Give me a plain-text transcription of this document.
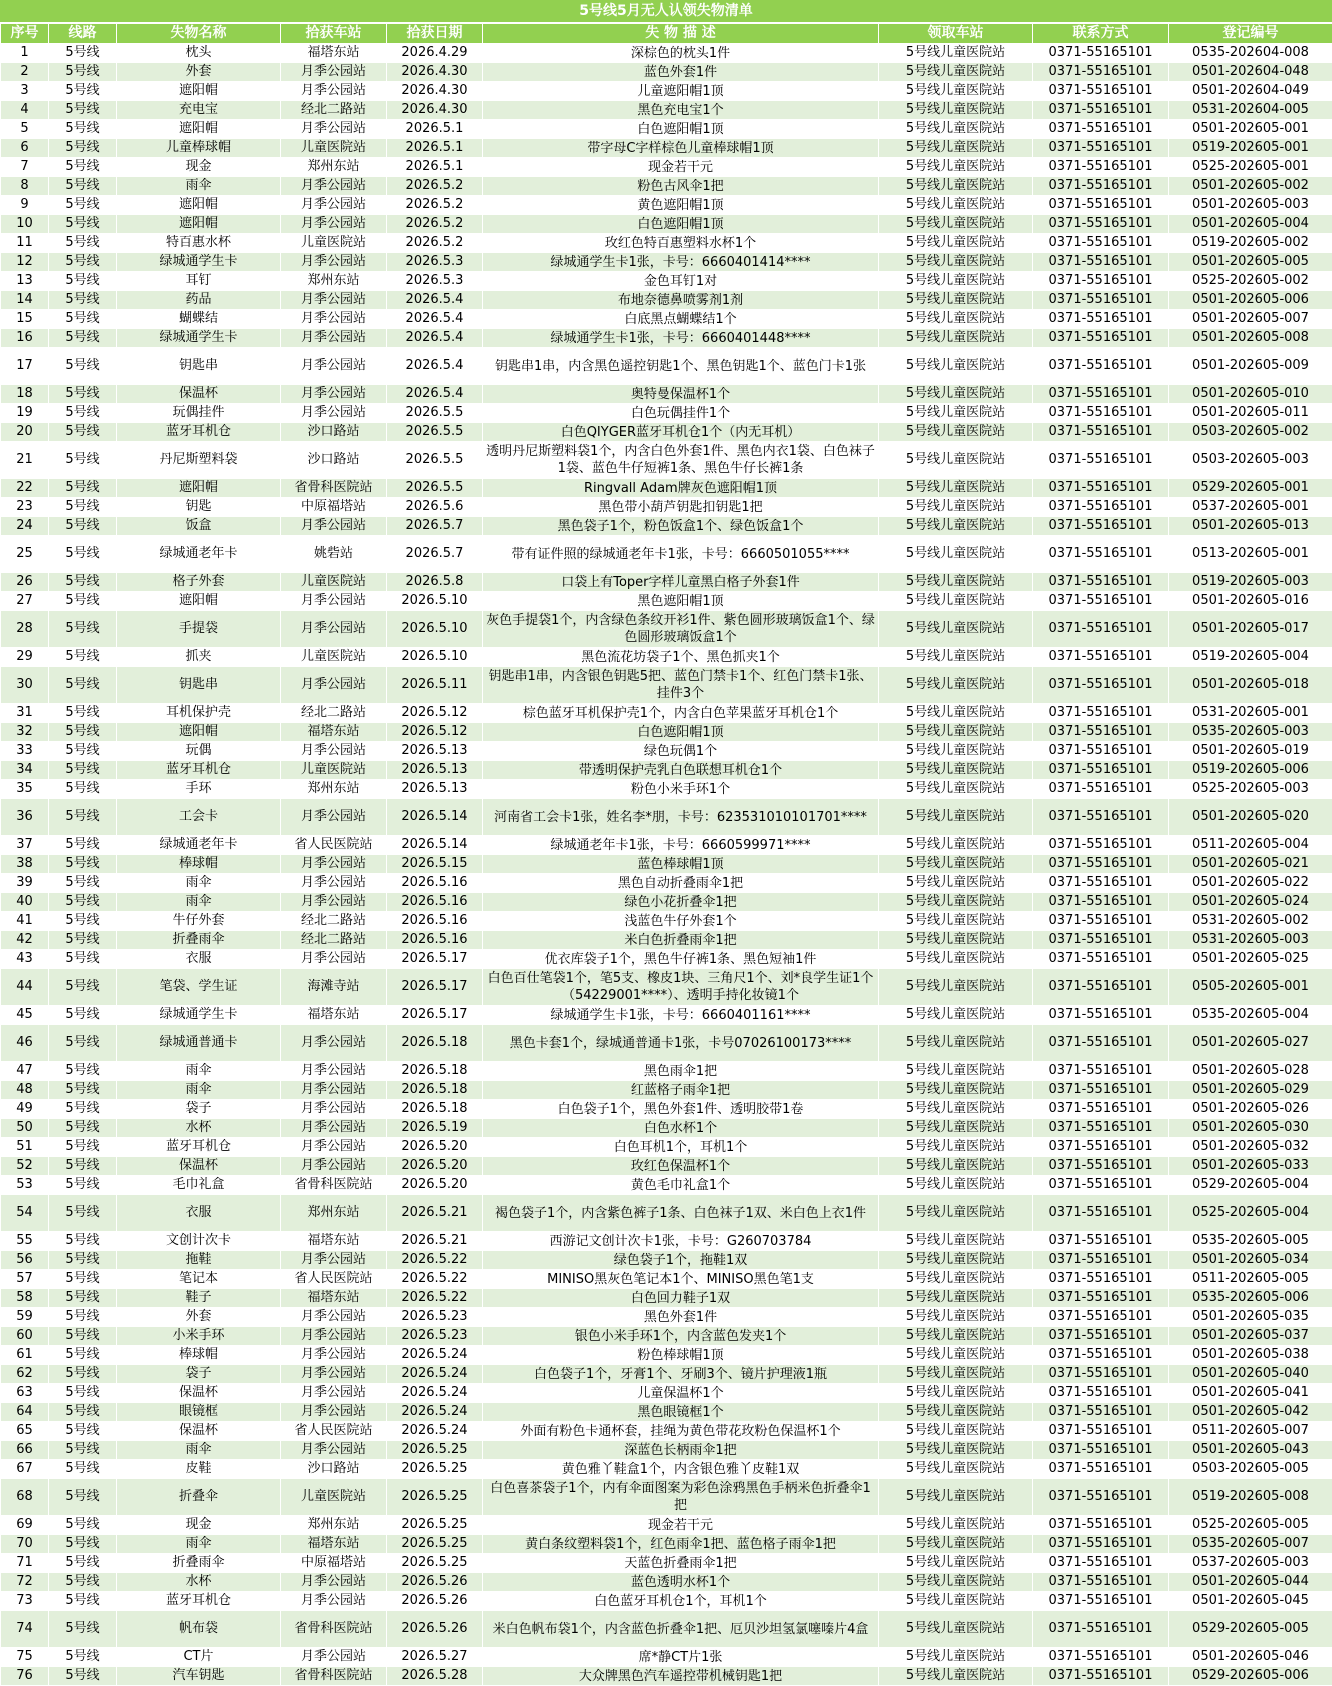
5号线5月无人认领失物清单
序号	线路	失物名称	拾获车站	拾获日期	失 物 描 述	领取车站	联系方式	登记编号
1	5号线	枕头	福塔东站	2026.4.29	深棕色的枕头1件	5号线儿童医院站	0371-55165101	0535-202604-008
2	5号线	外套	月季公园站	2026.4.30	蓝色外套1件	5号线儿童医院站	0371-55165101	0501-202604-048
3	5号线	遮阳帽	月季公园站	2026.4.30	儿童遮阳帽1顶	5号线儿童医院站	0371-55165101	0501-202604-049
4	5号线	充电宝	经北二路站	2026.4.30	黑色充电宝1个	5号线儿童医院站	0371-55165101	0531-202604-005
5	5号线	遮阳帽	月季公园站	2026.5.1	白色遮阳帽1顶	5号线儿童医院站	0371-55165101	0501-202605-001
6	5号线	儿童棒球帽	儿童医院站	2026.5.1	带字母C字样棕色儿童棒球帽1顶	5号线儿童医院站	0371-55165101	0519-202605-001
7	5号线	现金	郑州东站	2026.5.1	现金若干元	5号线儿童医院站	0371-55165101	0525-202605-001
8	5号线	雨伞	月季公园站	2026.5.2	粉色古风伞1把	5号线儿童医院站	0371-55165101	0501-202605-002
9	5号线	遮阳帽	月季公园站	2026.5.2	黄色遮阳帽1顶	5号线儿童医院站	0371-55165101	0501-202605-003
10	5号线	遮阳帽	月季公园站	2026.5.2	白色遮阳帽1顶	5号线儿童医院站	0371-55165101	0501-202605-004
11	5号线	特百惠水杯	儿童医院站	2026.5.2	玫红色特百惠塑料水杯1个	5号线儿童医院站	0371-55165101	0519-202605-002
12	5号线	绿城通学生卡	月季公园站	2026.5.3	绿城通学生卡1张，卡号：6660401414****	5号线儿童医院站	0371-55165101	0501-202605-005
13	5号线	耳钉	郑州东站	2026.5.3	金色耳钉1对	5号线儿童医院站	0371-55165101	0525-202605-002
14	5号线	药品	月季公园站	2026.5.4	布地奈德鼻喷雾剂1剂	5号线儿童医院站	0371-55165101	0501-202605-006
15	5号线	蝴蝶结	月季公园站	2026.5.4	白底黑点蝴蝶结1个	5号线儿童医院站	0371-55165101	0501-202605-007
16	5号线	绿城通学生卡	月季公园站	2026.5.4	绿城通学生卡1张，卡号：6660401448****	5号线儿童医院站	0371-55165101	0501-202605-008
17	5号线	钥匙串	月季公园站	2026.5.4	钥匙串1串，内含黑色遥控钥匙1个、黑色钥匙1个、蓝色门卡1张	5号线儿童医院站	0371-55165101	0501-202605-009
18	5号线	保温杯	月季公园站	2026.5.4	奥特曼保温杯1个	5号线儿童医院站	0371-55165101	0501-202605-010
19	5号线	玩偶挂件	月季公园站	2026.5.5	白色玩偶挂件1个	5号线儿童医院站	0371-55165101	0501-202605-011
20	5号线	蓝牙耳机仓	沙口路站	2026.5.5	白色QIYGER蓝牙耳机仓1个（内无耳机）	5号线儿童医院站	0371-55165101	0503-202605-002
21	5号线	丹尼斯塑料袋	沙口路站	2026.5.5	透明丹尼斯塑料袋1个，内含白色外套1件、黑色内衣1袋、白色袜子1袋、蓝色牛仔短裤1条、黑色牛仔长裤1条	5号线儿童医院站	0371-55165101	0503-202605-003
22	5号线	遮阳帽	省骨科医院站	2026.5.5	Ringvall Adam牌灰色遮阳帽1顶	5号线儿童医院站	0371-55165101	0529-202605-001
23	5号线	钥匙	中原福塔站	2026.5.6	黑色带小葫芦钥匙扣钥匙1把	5号线儿童医院站	0371-55165101	0537-202605-001
24	5号线	饭盒	月季公园站	2026.5.7	黑色袋子1个，粉色饭盒1个、绿色饭盒1个	5号线儿童医院站	0371-55165101	0501-202605-013
25	5号线	绿城通老年卡	姚砦站	2026.5.7	带有证件照的绿城通老年卡1张，卡号：6660501055****	5号线儿童医院站	0371-55165101	0513-202605-001
26	5号线	格子外套	儿童医院站	2026.5.8	口袋上有Toper字样儿童黑白格子外套1件	5号线儿童医院站	0371-55165101	0519-202605-003
27	5号线	遮阳帽	月季公园站	2026.5.10	黑色遮阳帽1顶	5号线儿童医院站	0371-55165101	0501-202605-016
28	5号线	手提袋	月季公园站	2026.5.10	灰色手提袋1个，内含绿色条纹开衫1件、紫色圆形玻璃饭盒1个、绿色圆形玻璃饭盒1个	5号线儿童医院站	0371-55165101	0501-202605-017
29	5号线	抓夹	儿童医院站	2026.5.10	黑色流花坊袋子1个、黑色抓夹1个	5号线儿童医院站	0371-55165101	0519-202605-004
30	5号线	钥匙串	月季公园站	2026.5.11	钥匙串1串，内含银色钥匙5把、蓝色门禁卡1个、红色门禁卡1张、挂件3个	5号线儿童医院站	0371-55165101	0501-202605-018
31	5号线	耳机保护壳	经北二路站	2026.5.12	棕色蓝牙耳机保护壳1个，内含白色苹果蓝牙耳机仓1个	5号线儿童医院站	0371-55165101	0531-202605-001
32	5号线	遮阳帽	福塔东站	2026.5.12	白色遮阳帽1顶	5号线儿童医院站	0371-55165101	0535-202605-003
33	5号线	玩偶	月季公园站	2026.5.13	绿色玩偶1个	5号线儿童医院站	0371-55165101	0501-202605-019
34	5号线	蓝牙耳机仓	儿童医院站	2026.5.13	带透明保护壳乳白色联想耳机仓1个	5号线儿童医院站	0371-55165101	0519-202605-006
35	5号线	手环	郑州东站	2026.5.13	粉色小米手环1个	5号线儿童医院站	0371-55165101	0525-202605-003
36	5号线	工会卡	月季公园站	2026.5.14	河南省工会卡1张，姓名李*朋，卡号：623531010101701****	5号线儿童医院站	0371-55165101	0501-202605-020
37	5号线	绿城通老年卡	省人民医院站	2026.5.14	绿城通老年卡1张，卡号：6660599971****	5号线儿童医院站	0371-55165101	0511-202605-004
38	5号线	棒球帽	月季公园站	2026.5.15	蓝色棒球帽1顶	5号线儿童医院站	0371-55165101	0501-202605-021
39	5号线	雨伞	月季公园站	2026.5.16	黑色自动折叠雨伞1把	5号线儿童医院站	0371-55165101	0501-202605-022
40	5号线	雨伞	月季公园站	2026.5.16	绿色小花折叠伞1把	5号线儿童医院站	0371-55165101	0501-202605-024
41	5号线	牛仔外套	经北二路站	2026.5.16	浅蓝色牛仔外套1个	5号线儿童医院站	0371-55165101	0531-202605-002
42	5号线	折叠雨伞	经北二路站	2026.5.16	米白色折叠雨伞1把	5号线儿童医院站	0371-55165101	0531-202605-003
43	5号线	衣服	月季公园站	2026.5.17	优衣库袋子1个，黑色牛仔裤1条、黑色短袖1件	5号线儿童医院站	0371-55165101	0501-202605-025
44	5号线	笔袋、学生证	海滩寺站	2026.5.17	白色百仕笔袋1个，笔5支、橡皮1块、三角尺1个、刘*良学生证1个（54229001****）、透明手持化妆镜1个	5号线儿童医院站	0371-55165101	0505-202605-001
45	5号线	绿城通学生卡	福塔东站	2026.5.17	绿城通学生卡1张，卡号：6660401161****	5号线儿童医院站	0371-55165101	0535-202605-004
46	5号线	绿城通普通卡	月季公园站	2026.5.18	黑色卡套1个，绿城通普通卡1张，卡号07026100173****	5号线儿童医院站	0371-55165101	0501-202605-027
47	5号线	雨伞	月季公园站	2026.5.18	黑色雨伞1把	5号线儿童医院站	0371-55165101	0501-202605-028
48	5号线	雨伞	月季公园站	2026.5.18	红蓝格子雨伞1把	5号线儿童医院站	0371-55165101	0501-202605-029
49	5号线	袋子	月季公园站	2026.5.18	白色袋子1个，黑色外套1件、透明胶带1卷	5号线儿童医院站	0371-55165101	0501-202605-026
50	5号线	水杯	月季公园站	2026.5.19	白色水杯1个	5号线儿童医院站	0371-55165101	0501-202605-030
51	5号线	蓝牙耳机仓	月季公园站	2026.5.20	白色耳机1个，耳机1个	5号线儿童医院站	0371-55165101	0501-202605-032
52	5号线	保温杯	月季公园站	2026.5.20	玫红色保温杯1个	5号线儿童医院站	0371-55165101	0501-202605-033
53	5号线	毛巾礼盒	省骨科医院站	2026.5.20	黄色毛巾礼盒1个	5号线儿童医院站	0371-55165101	0529-202605-004
54	5号线	衣服	郑州东站	2026.5.21	褐色袋子1个，内含紫色裤子1条、白色袜子1双、米白色上衣1件	5号线儿童医院站	0371-55165101	0525-202605-004
55	5号线	文创计次卡	福塔东站	2026.5.21	西游记文创计次卡1张，卡号：G260703784	5号线儿童医院站	0371-55165101	0535-202605-005
56	5号线	拖鞋	月季公园站	2026.5.22	绿色袋子1个，拖鞋1双	5号线儿童医院站	0371-55165101	0501-202605-034
57	5号线	笔记本	省人民医院站	2026.5.22	MINISO黑灰色笔记本1个、MINISO黑色笔1支	5号线儿童医院站	0371-55165101	0511-202605-005
58	5号线	鞋子	福塔东站	2026.5.22	白色回力鞋子1双	5号线儿童医院站	0371-55165101	0535-202605-006
59	5号线	外套	月季公园站	2026.5.23	黑色外套1件	5号线儿童医院站	0371-55165101	0501-202605-035
60	5号线	小米手环	月季公园站	2026.5.23	银色小米手环1个，内含蓝色发夹1个	5号线儿童医院站	0371-55165101	0501-202605-037
61	5号线	棒球帽	月季公园站	2026.5.24	粉色棒球帽1顶	5号线儿童医院站	0371-55165101	0501-202605-038
62	5号线	袋子	月季公园站	2026.5.24	白色袋子1个，牙膏1个、牙刷3个、镜片护理液1瓶	5号线儿童医院站	0371-55165101	0501-202605-040
63	5号线	保温杯	月季公园站	2026.5.24	儿童保温杯1个	5号线儿童医院站	0371-55165101	0501-202605-041
64	5号线	眼镜框	月季公园站	2026.5.24	黑色眼镜框1个	5号线儿童医院站	0371-55165101	0501-202605-042
65	5号线	保温杯	省人民医院站	2026.5.24	外面有粉色卡通杯套，挂绳为黄色带花玫粉色保温杯1个	5号线儿童医院站	0371-55165101	0511-202605-007
66	5号线	雨伞	月季公园站	2026.5.25	深蓝色长柄雨伞1把	5号线儿童医院站	0371-55165101	0501-202605-043
67	5号线	皮鞋	沙口路站	2026.5.25	黄色雅丫鞋盒1个，内含银色雅丫皮鞋1双	5号线儿童医院站	0371-55165101	0503-202605-005
68	5号线	折叠伞	儿童医院站	2026.5.25	白色喜茶袋子1个，内有伞面图案为彩色涂鸦黑色手柄米色折叠伞1把	5号线儿童医院站	0371-55165101	0519-202605-008
69	5号线	现金	郑州东站	2026.5.25	现金若干元	5号线儿童医院站	0371-55165101	0525-202605-005
70	5号线	雨伞	福塔东站	2026.5.25	黄白条纹塑料袋1个，红色雨伞1把、蓝色格子雨伞1把	5号线儿童医院站	0371-55165101	0535-202605-007
71	5号线	折叠雨伞	中原福塔站	2026.5.25	天蓝色折叠雨伞1把	5号线儿童医院站	0371-55165101	0537-202605-003
72	5号线	水杯	月季公园站	2026.5.26	蓝色透明水杯1个	5号线儿童医院站	0371-55165101	0501-202605-044
73	5号线	蓝牙耳机仓	月季公园站	2026.5.26	白色蓝牙耳机仓1个，耳机1个	5号线儿童医院站	0371-55165101	0501-202605-045
74	5号线	帆布袋	省骨科医院站	2026.5.26	米白色帆布袋1个，内含蓝色折叠伞1把、厄贝沙坦氢氯噻嗪片4盒	5号线儿童医院站	0371-55165101	0529-202605-005
75	5号线	CT片	月季公园站	2026.5.27	席*静CT片1张	5号线儿童医院站	0371-55165101	0501-202605-046
76	5号线	汽车钥匙	省骨科医院站	2026.5.28	大众牌黑色汽车遥控带机械钥匙1把	5号线儿童医院站	0371-55165101	0529-202605-006
